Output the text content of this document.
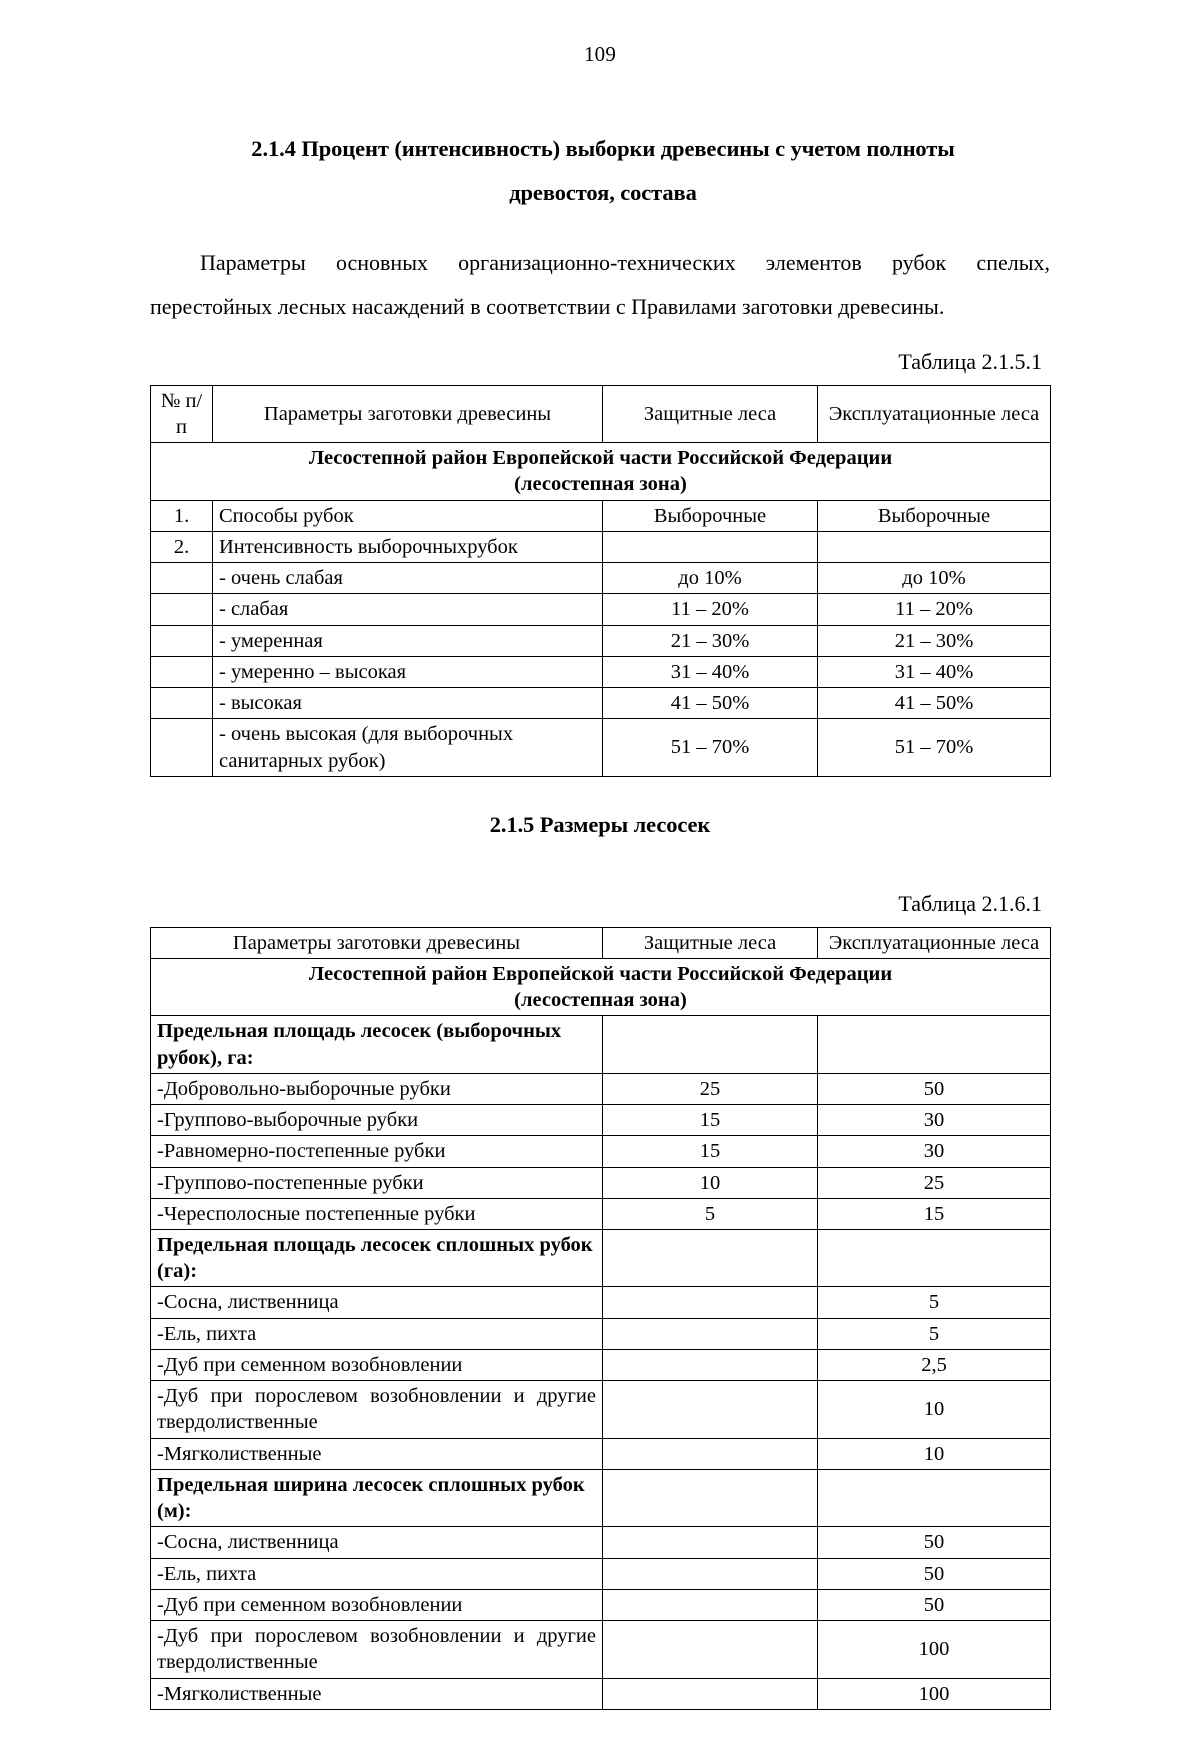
109
2.1.4 Процент (интенсивность) выборки древесины с учетом полноты древостоя, состава

Параметры основных организационно-технических элементов рубок спелых, перестойных лесных насаждений в соответствии с Правилами заготовки древесины.

Таблица 2.1.5.1
№ п/п	Параметры заготовки древесины	Защитные леса	Эксплуатационные леса

Лесостепной район Европейской части Российской Федерации
(лесостепная зона)			

1.	Способы рубок	Выборочные	Выборочные
2.	Интенсивность выборочныхрубок		
	- очень слабая	до 10%	до 10%
	- слабая	11 – 20%	11 – 20%
	- умеренная	21 – 30%	21 – 30%
	- умеренно – высокая	31 – 40%	31 – 40%
	- высокая	41 – 50%	41 – 50%
	- очень высокая (для выборочных санитарных рубок)	51 – 70%	51 – 70%
2.1.5 Размеры лесосек
Таблица 2.1.6.1
Параметры заготовки древесины	Защитные леса	Эксплуатационные леса

Лесостепной район Европейской части Российской Федерации
(лесостепная зона)		

Предельная площадь лесосек (выборочных рубок), га:		
-Добровольно-выборочные рубки	25	50
-Группово-выборочные рубки	15	30
-Равномерно-постепенные рубки	15	30
-Группово-постепенные рубки	10	25
-Чересполосные постепенные рубки	5	15
Предельная площадь лесосек сплошных рубок (га):		
-Сосна, лиственница		5
-Ель, пихта		5
-Дуб при семенном возобновлении		2,5
-Дуб при порослевом возобновлении и другие твердолиственные		10
-Мягколиственные		10
Предельная ширина лесосек сплошных рубок (м):		
-Сосна, лиственница		50
-Ель, пихта		50
-Дуб при семенном возобновлении		50
-Дуб при порослевом возобновлении и другие твердолиственные		100
-Мягколиственные		100
